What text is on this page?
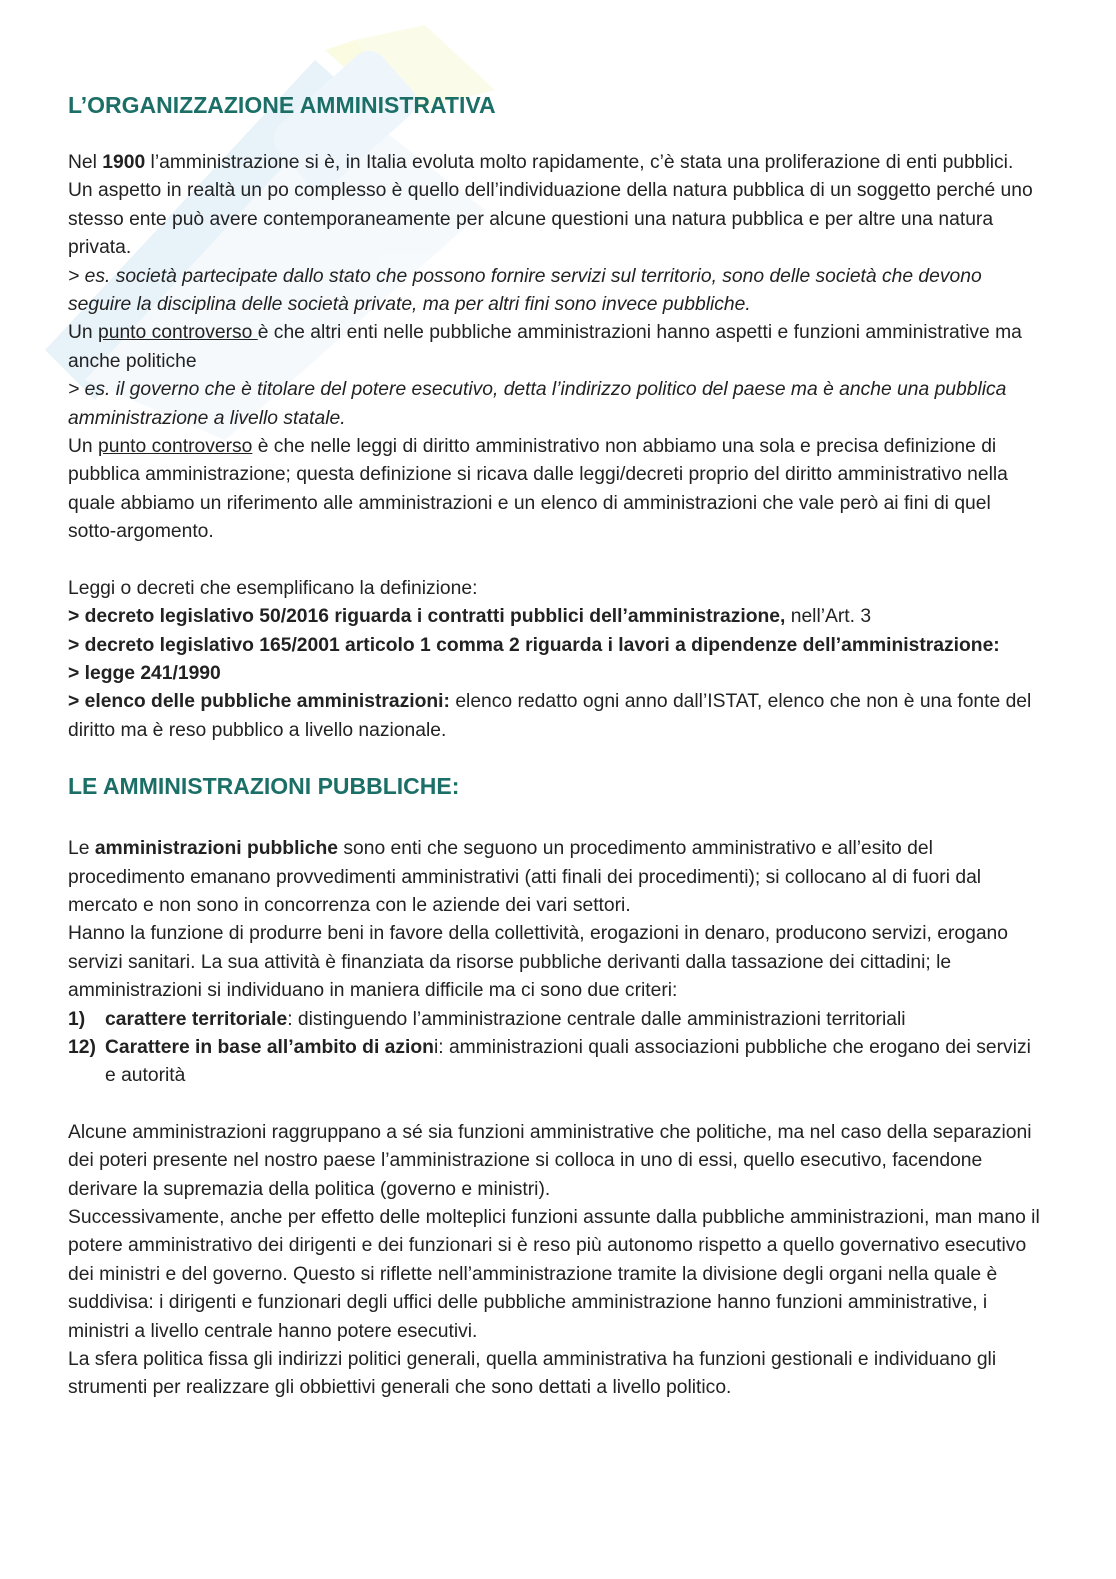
L’ORGANIZZAZIONE AMMINISTRATIVA

Nel 1900 l’amministrazione si è, in Italia evoluta molto rapidamente, c’è stata una proliferazione di enti pubblici. Un aspetto in realtà un po complesso è quello dell’individuazione della natura pubblica di un soggetto perché uno stesso ente può avere contemporaneamente per alcune questioni una natura pubblica e per altre una natura privata.

> es. società partecipate dallo stato che possono fornire servizi sul territorio, sono delle società che devono seguire la disciplina delle società private, ma per altri fini sono invece pubbliche.

Un punto controverso è che altri enti nelle pubbliche amministrazioni hanno aspetti e funzioni amministrative ma anche politiche

> es. il governo che è titolare del potere esecutivo, detta l’indirizzo politico del paese ma è anche una pubblica amministrazione a livello statale.

Un punto controverso è che nelle leggi di diritto amministrativo non abbiamo una sola e precisa definizione di pubblica amministrazione; questa definizione si ricava dalle leggi/decreti proprio del diritto amministrativo nella quale abbiamo un riferimento alle amministrazioni e un elenco di amministrazioni che vale però ai fini di quel sotto-argomento.

Leggi o decreti che esemplificano la definizione:

> decreto legislativo 50/2016 riguarda i contratti pubblici dell’amministrazione, nell’Art. 3

> decreto legislativo 165/2001 articolo 1 comma 2 riguarda i lavori a dipendenze dell’amministrazione:

> legge 241/1990

> elenco delle pubbliche amministrazioni: elenco redatto ogni anno dall’ISTAT, elenco che non è una fonte del diritto ma è reso pubblico a livello nazionale.

LE AMMINISTRAZIONI PUBBLICHE:

Le amministrazioni pubbliche sono enti che seguono un procedimento amministrativo e all’esito del procedimento emanano provvedimenti amministrativi (atti finali dei procedimenti); si collocano al di fuori dal mercato e non sono in concorrenza con le aziende dei vari settori.

Hanno la funzione di produrre beni in favore della collettività, erogazioni in denaro, producono servizi, erogano servizi sanitari. La sua attività è finanziata da risorse pubbliche derivanti dalla tassazione dei cittadini; le amministrazioni si individuano in maniera difficile ma ci sono due criteri:

1) carattere territoriale: distinguendo l’amministrazione centrale dalle amministrazioni territoriali
12) Carattere in base all’ambito di azioni: amministrazioni quali associazioni pubbliche che erogano dei servizi e autorità

Alcune amministrazioni raggruppano a sé sia funzioni amministrative che politiche, ma nel caso della separazioni dei poteri presente nel nostro paese l’amministrazione si colloca in uno di essi, quello esecutivo, facendone derivare la supremazia della politica (governo e ministri).

Successivamente, anche per effetto delle molteplici funzioni assunte dalla pubbliche amministrazioni, man mano il potere amministrativo dei dirigenti e dei funzionari si è reso più autonomo rispetto a quello governativo esecutivo dei ministri e del governo. Questo si riflette nell’amministrazione tramite la divisione degli organi nella quale è suddivisa: i dirigenti e funzionari degli uffici delle pubbliche amministrazione hanno funzioni amministrative, i ministri a livello centrale hanno potere esecutivi.

La sfera politica fissa gli indirizzi politici generali, quella amministrativa ha funzioni gestionali e individuano gli strumenti per realizzare gli obbiettivi generali che sono dettati a livello politico.
